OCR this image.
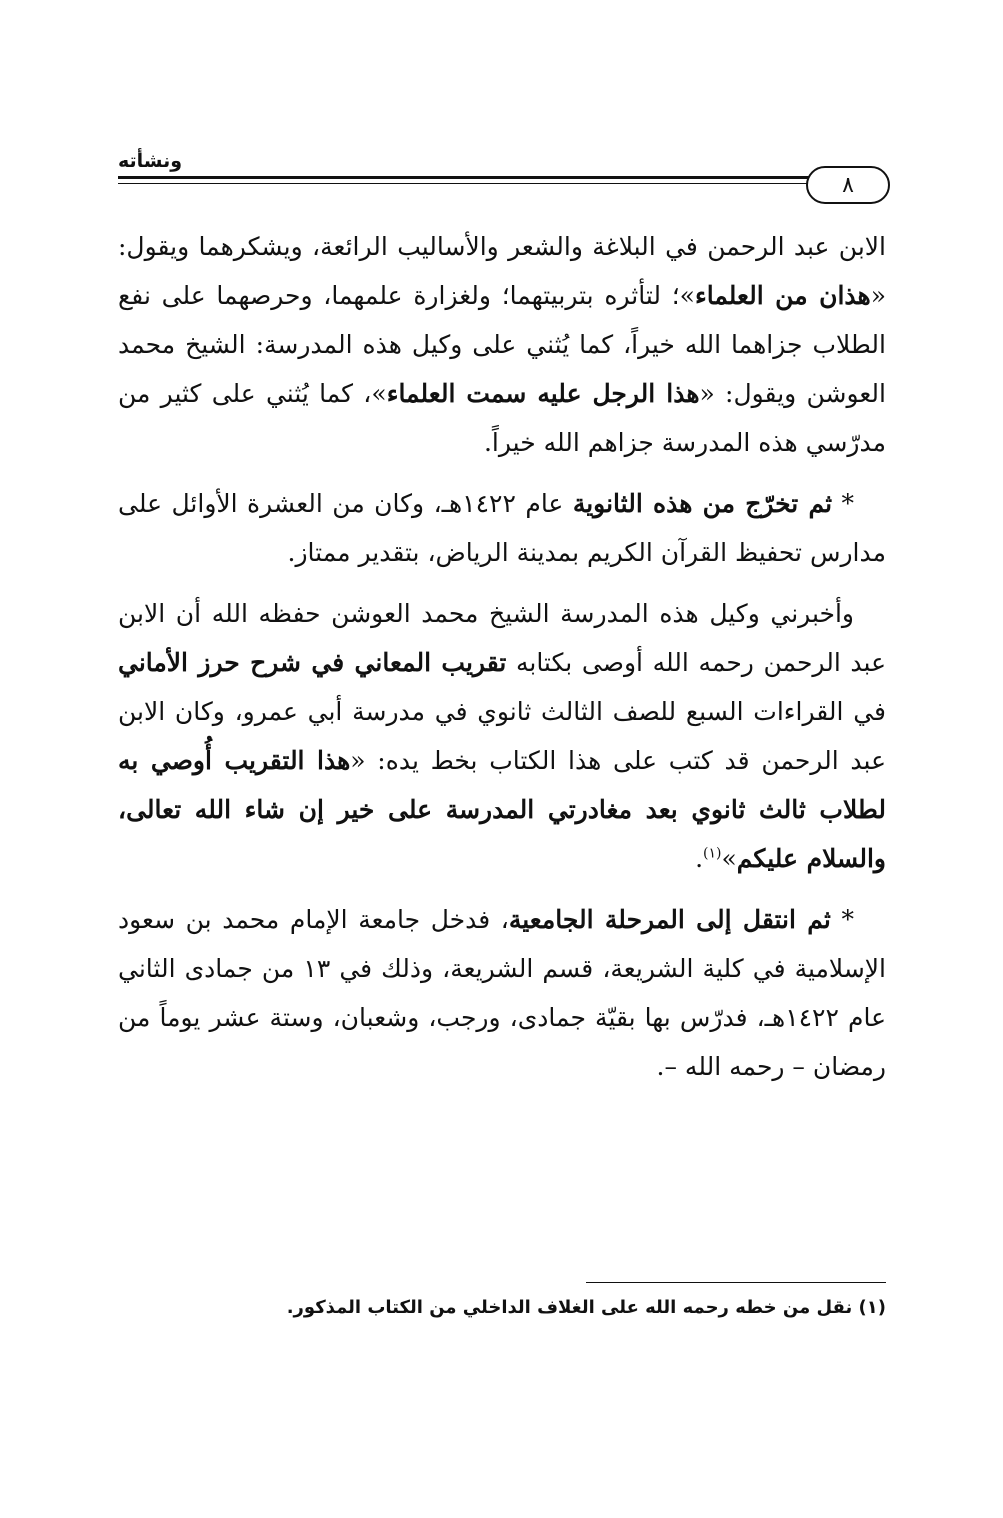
ونشأته
٨

الابن عبد الرحمن في البلاغة والشعر والأساليب الرائعة، ويشكرهما ويقول: «هذان من العلماء»؛ لتأثره بتربيتهما؛ ولغزارة علمهما، وحرصهما على نفع الطلاب جزاهما الله خيراً، كما يُثني على وكيل هذه المدرسة: الشيخ محمد العوشن ويقول: «هذا الرجل عليه سمت العلماء»، كما يُثني على كثير من مدرّسي هذه المدرسة جزاهم الله خيراً.

* ثم تخرّج من هذه الثانوية عام ١٤٢٢هـ، وكان من العشرة الأوائل على مدارس تحفيظ القرآن الكريم بمدينة الرياض، بتقدير ممتاز.

وأخبرني وكيل هذه المدرسة الشيخ محمد العوشن حفظه الله أن الابن عبد الرحمن رحمه الله أوصى بكتابه تقريب المعاني في شرح حرز الأماني في القراءات السبع للصف الثالث ثانوي في مدرسة أبي عمرو، وكان الابن عبد الرحمن قد كتب على هذا الكتاب بخط يده: «هذا التقريب أُوصي به لطلاب ثالث ثانوي بعد مغادرتي المدرسة على خير إن شاء الله تعالى، والسلام عليكم»$^{(١)}$.

* ثم انتقل إلى المرحلة الجامعية، فدخل جامعة الإمام محمد بن سعود الإسلامية في كلية الشريعة، قسم الشريعة، وذلك في ١٣ من جمادى الثاني عام ١٤٢٢هـ، فدرّس بها بقيّة جمادى، ورجب، وشعبان، وستة عشر يوماً من رمضان – رحمه الله –.

(١) نقل من خطه رحمه الله على الغلاف الداخلي من الكتاب المذكور.
